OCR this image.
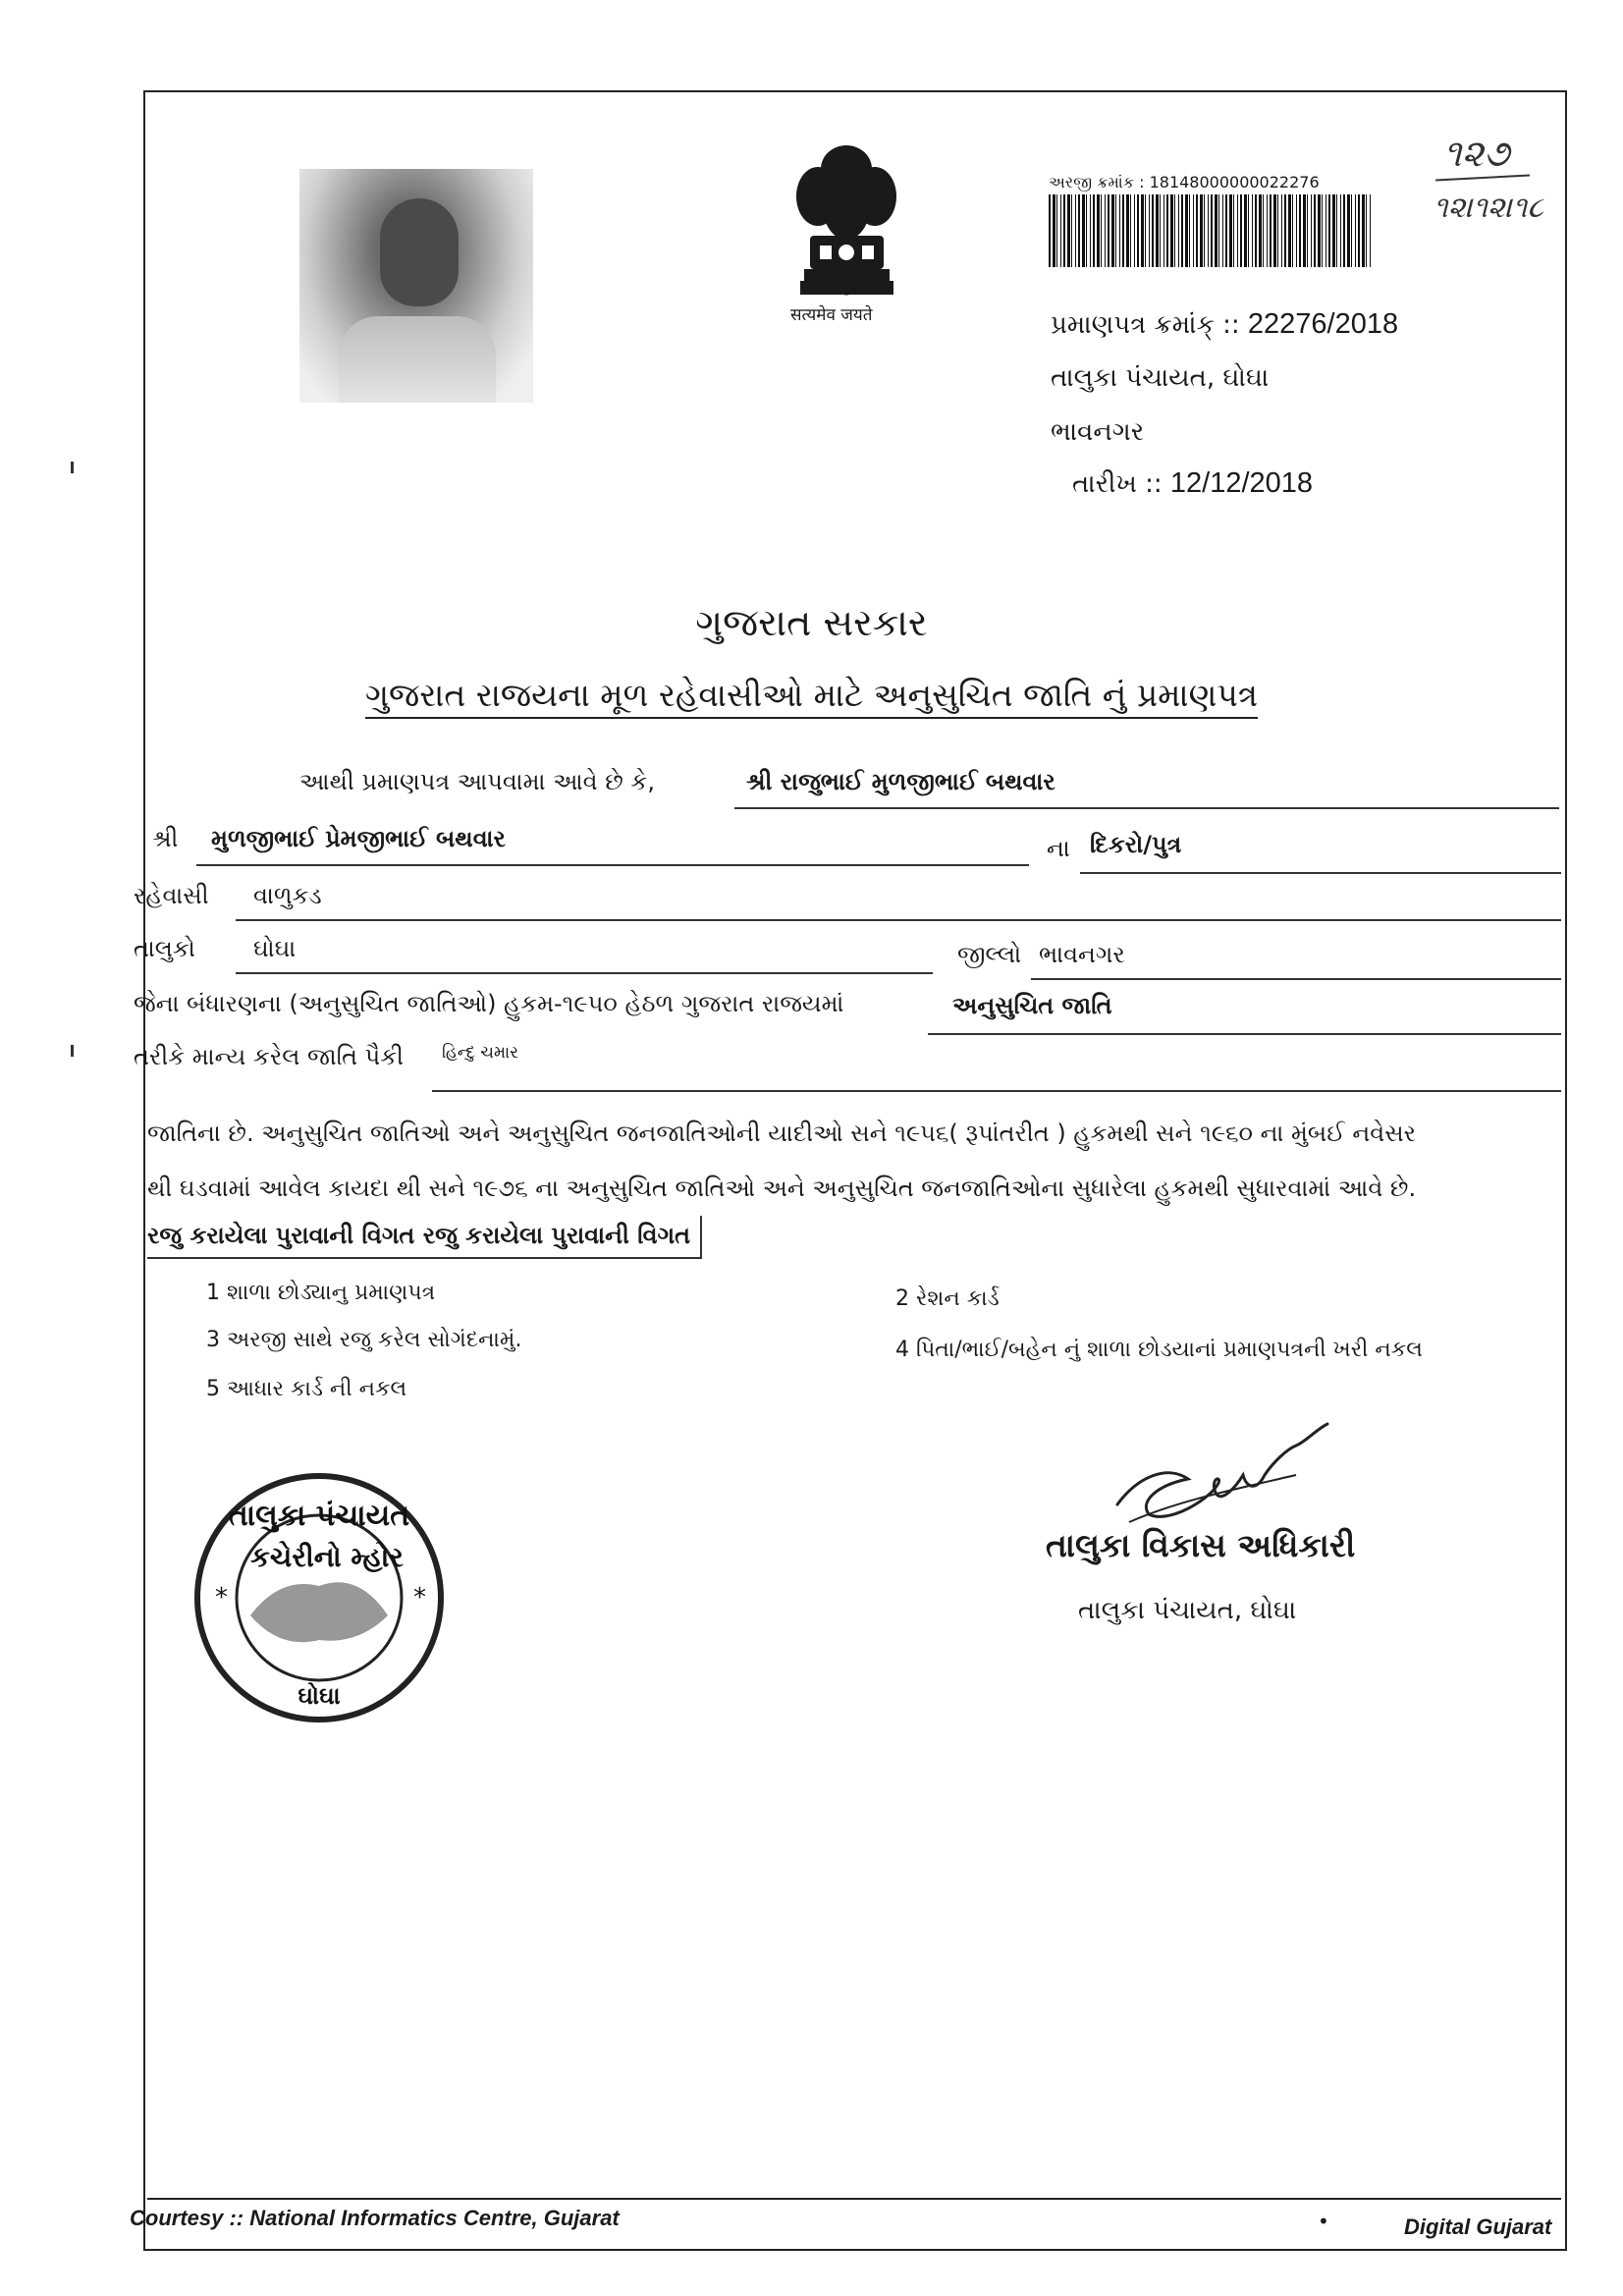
सत्यमेव जयते
અરજી ક્રમાંક : 18148000000022276
૧૨૭
૧૨।૧૨।૧૮
પ્રમાણપત્ર ક્રમાંક્ :: 22276/2018
તાલુકા પંચાયત, ઘોઘા
ભાવનગર
તારીખ :: 12/12/2018
ગુજરાત સરકાર
ગુજરાત રાજયના મૂળ રહેવાસીઓ માટે અનુસુચિત જાતિ નું પ્રમાણપત્ર
આથી પ્રમાણપત્ર આપવામા આવે છે કે,	શ્રી રાજુભાઈ મુળજીભાઈ બથવાર
શ્રી મુળજીભાઈ પ્રેમજીભાઈ બથવાર	ના દિકરો/પુત્ર
રહેવાસી વાળુકડ
તાલુકો ઘોઘા	જીલ્લો ભાવનગર
જેના બંધારણના (અનુસુચિત જાતિઓ) હુકમ-૧૯૫૦ હેઠળ ગુજરાત રાજયમાં	અનુસુચિત જાતિ
તરીકે માન્ય કરેલ જાતિ પૈકી હિન્દુ ચમાર
જાતિના છે. અનુસુચિત જાતિઓ અને અનુસુચિત જનજાતિઓની યાદીઓ સને ૧૯૫૬( રૂપાંતરીત ) હુકમથી સને ૧૯૬૦ ના મુંબઈ નવેસર
થી ઘડવામાં આવેલ કાયદા થી સને ૧૯૭૬ ના અનુસુચિત જાતિઓ અને અનુસુચિત જનજાતિઓના સુધારેલા હુકમથી સુધારવામાં આવે છે.
રજુ કરાયેલા પુરાવાની વિગત રજુ કરાયેલા પુરાવાની વિગત
1 શાળા છોડ્યાનુ પ્રમાણપત્ર	2 રેશન કાર્ડ
3 અરજી સાથે રજુ કરેલ સોગંદનામું.	4 પિતા/ભાઈ/બહેન નું શાળા છોડયાનાં પ્રમાણપત્રની ખરી નકલ
5 આધાર કાર્ડ ની નકલ
તાલુકા પંચાયત
કચેરીનો મ્હોર
ઘોઘા
*	*
તાલુકા વિકાસ અધિકારી
તાલુકા પંચાયત, ઘોઘા
Courtesy :: National Informatics Centre, Gujarat	•	Digital Gujarat
